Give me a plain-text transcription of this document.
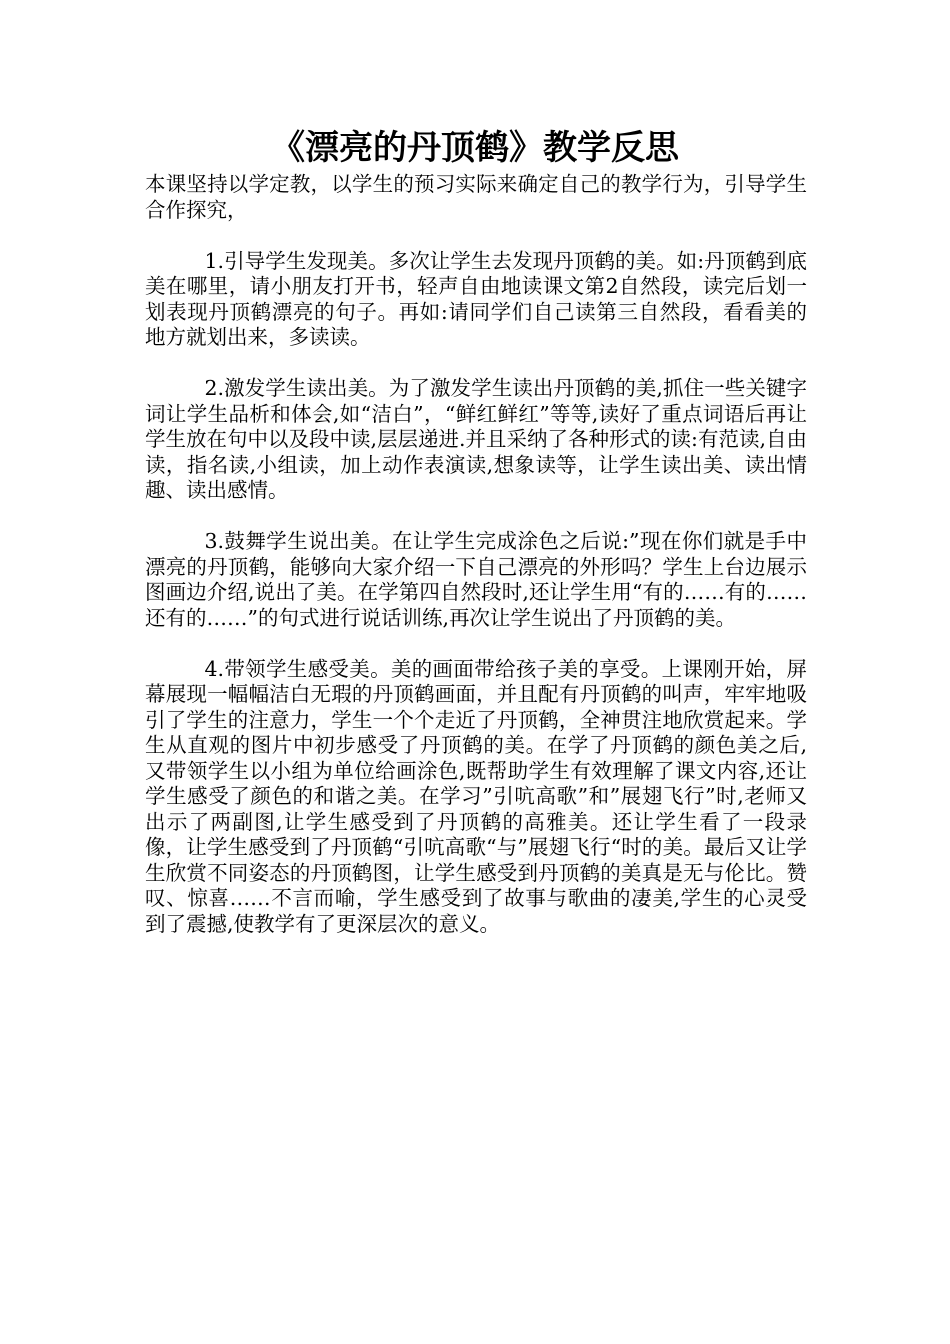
《漂亮的丹顶鹤》教学反思

本课坚持以学定教，以学生的预习实际来确定自己的教学行为，引导学生合作探究，

1.引导学生发现美。多次让学生去发现丹顶鹤的美。如:丹顶鹤到底美在哪里，请小朋友打开书，轻声自由地读课文第2自然段，读完后划一划表现丹顶鹤漂亮的句子。再如:请同学们自己读第三自然段，看看美的地方就划出来，多读读。

2.激发学生读出美。为了激发学生读出丹顶鹤的美,抓住一些关键字词让学生品析和体会,如“洁白”，“鲜红鲜红”等等,读好了重点词语后再让学生放在句中以及段中读,层层递进.并且采纳了各种形式的读:有范读,自由读，指名读,小组读，加上动作表演读,想象读等，让学生读出美、读出情趣、读出感情。

3.鼓舞学生说出美。在让学生完成涂色之后说:”现在你们就是手中漂亮的丹顶鹤，能够向大家介绍一下自己漂亮的外形吗？学生上台边展示图画边介绍,说出了美。在学第四自然段时,还让学生用“有的……有的……还有的……”的句式进行说话训练,再次让学生说出了丹顶鹤的美。

4.带领学生感受美。美的画面带给孩子美的享受。上课刚开始，屏幕展现一幅幅洁白无瑕的丹顶鹤画面，并且配有丹顶鹤的叫声，牢牢地吸引了学生的注意力，学生一个个走近了丹顶鹤，全神贯注地欣赏起来。学生从直观的图片中初步感受了丹顶鹤的美。在学了丹顶鹤的颜色美之后,又带领学生以小组为单位给画涂色,既帮助学生有效理解了课文内容,还让学生感受了颜色的和谐之美。在学习”引吭高歌”和”展翅飞行”时,老师又出示了两副图,让学生感受到了丹顶鹤的高雅美。还让学生看了一段录像，让学生感受到了丹顶鹤“引吭高歌“与”展翅飞行“时的美。最后又让学生欣赏不同姿态的丹顶鹤图，让学生感受到丹顶鹤的美真是无与伦比。赞叹、惊喜……不言而喻，学生感受到了故事与歌曲的凄美,学生的心灵受到了震撼,使教学有了更深层次的意义。
